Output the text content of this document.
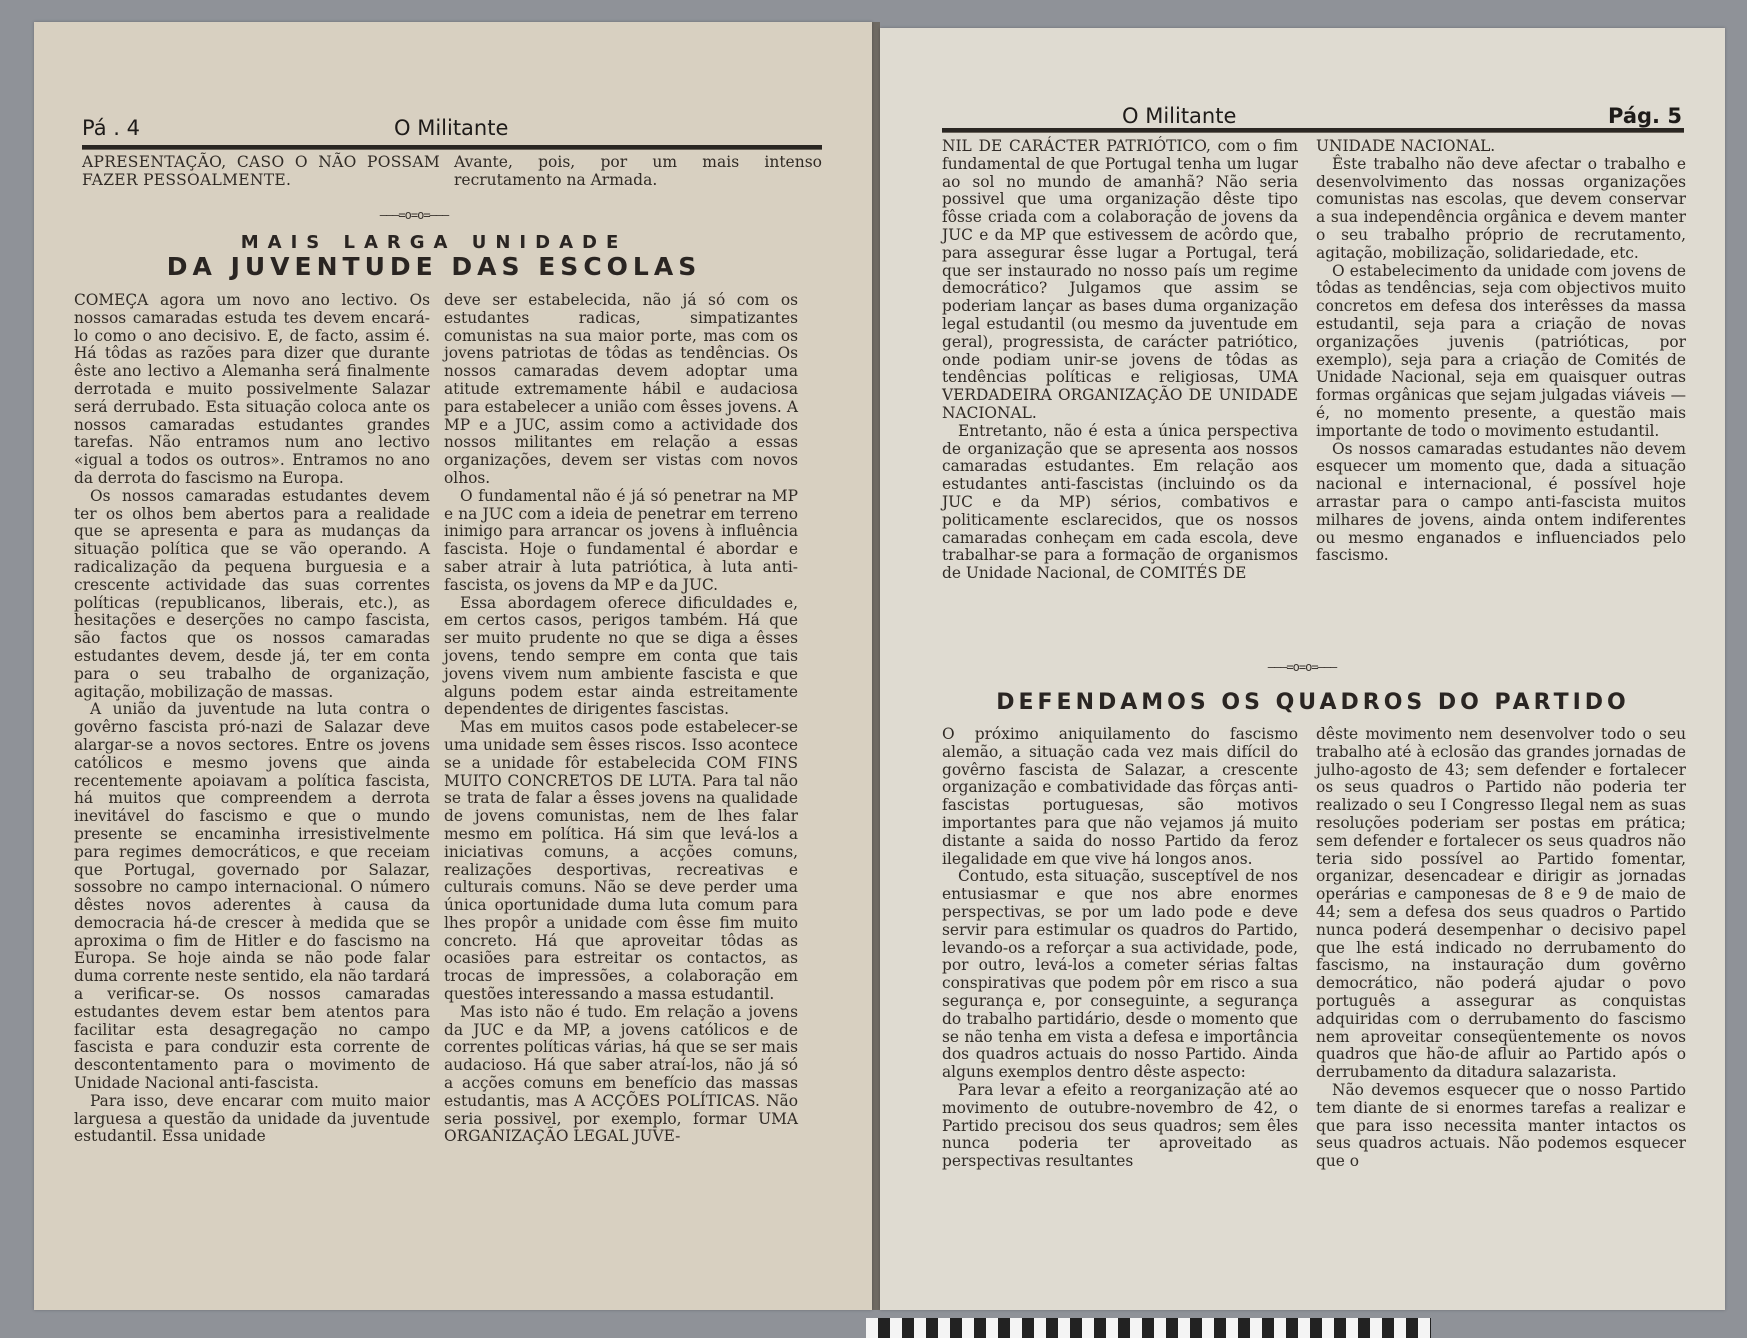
Pá . 4	O Militante
APRESENTAÇÃO, CASO O NÃO POSSAM FAZER PESSOALMENTE.
Avante, pois, por um mais intenso recrutamento na Armada.
———=o=o=———
MAIS LARGA UNIDADE
DA JUVENTUDE DAS ESCOLAS

COMEÇA agora um novo ano lectivo. Os nossos camaradas estuda tes devem encará-lo como o ano decisivo. E, de facto, assim é. Há tôdas as razões para dizer que durante êste ano lectivo a Alemanha será finalmente derrotada e muito possivelmente Salazar será derrubado. Esta situação coloca ante os nossos camaradas estudantes grandes tarefas. Não entramos num ano lectivo «igual a todos os outros». Entramos no ano da derrota do fascismo na Europa.

Os nossos camaradas estudantes devem ter os olhos bem abertos para a realidade que se apresenta e para as mudanças da situação política que se vão operando. A radicalização da pequena burguesia e a crescente actividade das suas correntes políticas (republicanos, liberais, etc.), as hesitações e deserções no campo fascista, são factos que os nossos camaradas estudantes devem, desde já, ter em conta para o seu trabalho de organização, agitação, mobilização de massas.

A união da juventude na luta contra o govêrno fascista pró-nazi de Salazar deve alargar-se a novos sectores. Entre os jovens católicos e mesmo jovens que ainda recentemente apoiavam a política fascista, há muitos que compreendem a derrota inevitável do fascismo e que o mundo presente se encaminha irresistivelmente para regimes democráticos, e que receiam que Portugal, governado por Salazar, sossobre no campo internacional. O número dêstes novos aderentes à causa da democracia há-de crescer à medida que se aproxima o fim de Hitler e do fascismo na Europa. Se hoje ainda se não pode falar duma corrente neste sentido, ela não tardará a verificar-se. Os nossos camaradas estudantes devem estar bem atentos para facilitar esta desagregação no campo fascista e para conduzir esta corrente de descontentamento para o movimento de Unidade Nacional anti-fascista.

Para isso, deve encarar com muito maior larguesa a questão da unidade da juventude estudantil. Essa unidade

deve ser estabelecida, não já só com os estudantes radicas, simpatizantes comunistas na sua maior porte, mas com os jovens patriotas de tôdas as tendências. Os nossos camaradas devem adoptar uma atitude extremamente hábil e audaciosa para estabelecer a união com êsses jovens. A MP e a JUC, assim como a actividade dos nossos militantes em relação a essas organizações, devem ser vistas com novos olhos.

O fundamental não é já só penetrar na MP e na JUC com a ideia de penetrar em terreno inimigo para arrancar os jovens à influência fascista. Hoje o fundamental é abordar e saber atrair à luta patriótica, à luta anti-fascista, os jovens da MP e da JUC.

Essa abordagem oferece dificuldades e, em certos casos, perigos também. Há que ser muito prudente no que se diga a êsses jovens, tendo sempre em conta que tais jovens vivem num ambiente fascista e que alguns podem estar ainda estreitamente dependentes de dirigentes fascistas.

Mas em muitos casos pode estabelecer-se uma unidade sem êsses riscos. Isso acontece se a unidade fôr estabelecida COM FINS MUITO CONCRETOS DE LUTA. Para tal não se trata de falar a êsses jovens na qualidade de jovens comunistas, nem de lhes falar mesmo em política. Há sim que levá-los a iniciativas comuns, a acções comuns, realizações desportivas, recreativas e culturais comuns. Não se deve perder uma única oportunidade duma luta comum para lhes propôr a unidade com êsse fim muito concreto. Há que aproveitar tôdas as ocasiões para estreitar os contactos, as trocas de impressões, a colaboração em questões interessando a massa estudantil.

Mas isto não é tudo. Em relação a jovens da JUC e da MP, a jovens católicos e de correntes políticas várias, há que se ser mais audacioso. Há que saber atraí-los, não já só a acções comuns em benefício das massas estudantis, mas A ACÇÕES POLÍTICAS. Não seria possivel, por exemplo, formar UMA ORGANIZAÇÃO LEGAL JUVE-

O Militante	Pág. 5

NIL DE CARÁCTER PATRIÓTICO, com o fim fundamental de que Portugal tenha um lugar ao sol no mundo de amanhã? Não seria possivel que uma organização dêste tipo fôsse criada com a colaboração de jovens da JUC e da MP que estivessem de acôrdo que, para assegurar êsse lugar a Portugal, terá que ser instaurado no nosso país um regime democrático? Julgamos que assim se poderiam lançar as bases duma organização legal estudantil (ou mesmo da juventude em geral), progressista, de carácter patriótico, onde podiam unir-se jovens de tôdas as tendências políticas e religiosas, UMA VERDADEIRA ORGANIZAÇÃO DE UNIDADE NACIONAL.

Entretanto, não é esta a única perspectiva de organização que se apresenta aos nossos camaradas estudantes. Em relação aos estudantes anti-fascistas (incluindo os da JUC e da MP) sérios, combativos e politicamente esclarecidos, que os nossos camaradas conheçam em cada escola, deve trabalhar-se para a formação de organismos de Unidade Nacional, de COMITÉS DE

UNIDADE NACIONAL.

Êste trabalho não deve afectar o trabalho e desenvolvimento das nossas organizações comunistas nas escolas, que devem conservar a sua independência orgânica e devem manter o seu trabalho próprio de recrutamento, agitação, mobilização, solidariedade, etc.

O estabelecimento da unidade com jovens de tôdas as tendências, seja com objectivos muito concretos em defesa dos interêsses da massa estudantil, seja para a criação de novas organizações juvenis (patrióticas, por exemplo), seja para a criação de Comités de Unidade Nacional, seja em quaisquer outras formas orgânicas que sejam julgadas viáveis — é, no momento presente, a questão mais importante de todo o movimento estudantil.

Os nossos camaradas estudantes não devem esquecer um momento que, dada a situação nacional e internacional, é possível hoje arrastar para o campo anti-fascista muitos milhares de jovens, ainda ontem indiferentes ou mesmo enganados e influenciados pelo fascismo.

———=o=o=———
DEFENDAMOS OS QUADROS DO PARTIDO

O próximo aniquilamento do fascismo alemão, a situação cada vez mais difícil do govêrno fascista de Salazar, a crescente organização e combatividade das fôrças anti-fascistas portuguesas, são motivos importantes para que não vejamos já muito distante a saida do nosso Partido da feroz ilegalidade em que vive há longos anos.

Contudo, esta situação, susceptível de nos entusiasmar e que nos abre enormes perspectivas, se por um lado pode e deve servir para estimular os quadros do Partido, levando-os a reforçar a sua actividade, pode, por outro, levá-los a cometer sérias faltas conspirativas que podem pôr em risco a sua segurança e, por conseguinte, a segurança do trabalho partidário, desde o momento que se não tenha em vista a defesa e importância dos quadros actuais do nosso Partido. Ainda alguns exemplos dentro dêste aspecto:

Para levar a efeito a reorganização até ao movimento de outubre-novembro de 42, o Partido precisou dos seus quadros; sem êles nunca poderia ter aproveitado as perspectivas resultantes

dêste movimento nem desenvolver todo o seu trabalho até à eclosão das grandes jornadas de julho-agosto de 43; sem defender e fortalecer os seus quadros o Partido não poderia ter realizado o seu I Congresso Ilegal nem as suas resoluções poderiam ser postas em prática; sem defender e fortalecer os seus quadros não teria sido possível ao Partido fomentar, organizar, desencadear e dirigir as jornadas operárias e camponesas de 8 e 9 de maio de 44; sem a defesa dos seus quadros o Partido nunca poderá desempenhar o decisivo papel que lhe está indicado no derrubamento do fascismo, na instauração dum govêrno democrático, não poderá ajudar o povo português a assegurar as conquistas adquiridas com o derrubamento do fascismo nem aproveitar conseqüentemente os novos quadros que hão-de afluir ao Partido após o derrubamento da ditadura salazarista.

Não devemos esquecer que o nosso Partido tem diante de si enormes tarefas a realizar e que para isso necessita manter intactos os seus quadros actuais. Não podemos esquecer que o
